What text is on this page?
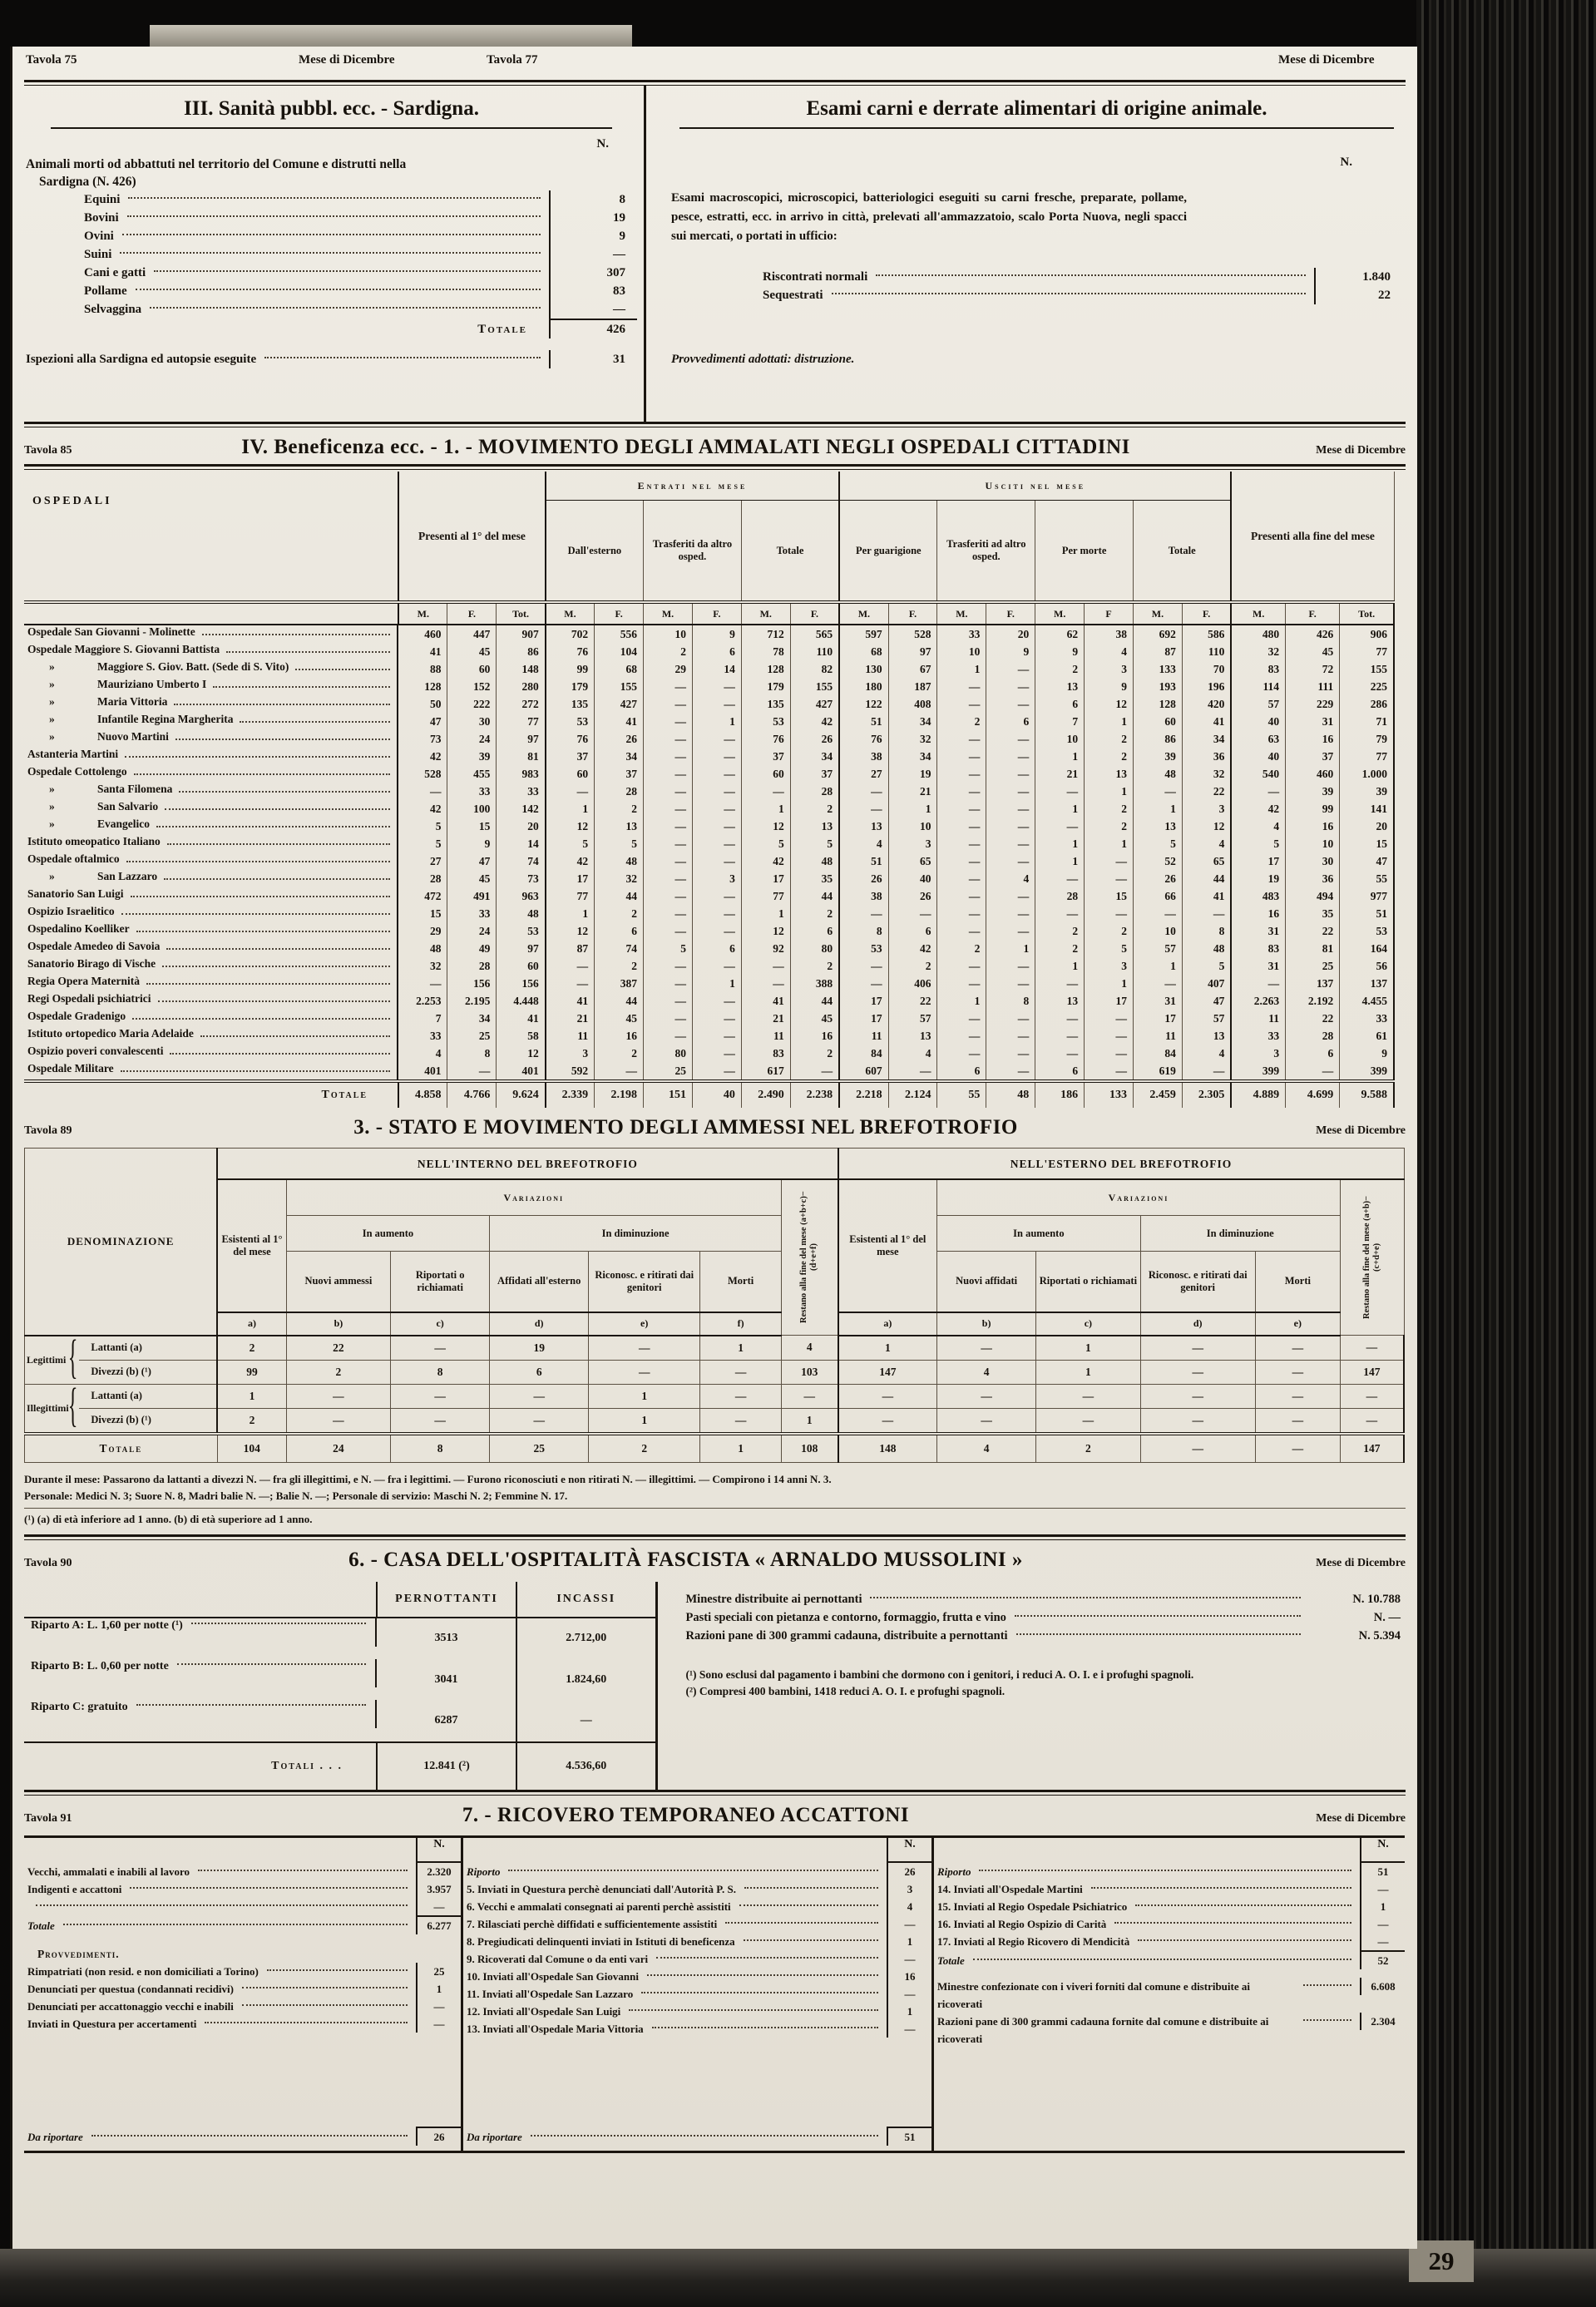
29
Tavola 75	Mese di Dicembre	Tavola 77	Mese di Dicembre
III. Sanità pubbl. ecc. - Sardigna.
N.
Animali morti od abbattuti nel territorio del Comune e distrutti nella
Sardigna (N. 426)
Equini	8
Bovini	19
Ovini	9
Suini	—
Cani e gatti	307
Pollame	83
Selvaggina	—
Totale	426
Ispezioni alla Sardigna ed autopsie eseguite	31
Esami carni e derrate alimentari di origine animale.
N.
Esami macroscopici, microscopici, batteriologici eseguiti su carni fresche, preparate, pollame, pesce, estratti, ecc. in arrivo in città, prelevati all'ammazzatoio, scalo Porta Nuova, negli spacci sui mercati, o portati in ufficio:
Riscontrati normali	1.840
Sequestrati	22
Provvedimenti adottati: distruzione.
Tavola 85	IV. Beneficenza ecc. - 1. - MOVIMENTO DEGLI AMMALATI NEGLI OSPEDALI CITTADINI	Mese di Dicembre
OSPEDALI	Presenti al 1° del mese			Entrati nel mese						Usciti nel mese								Presenti alla fine del mese		
				Dall'esterno		Trasferiti da altro osped.		Totale		Per guarigione		Trasferiti ad altro osped.		Per morte		Totale				
	M.	F.	Tot.	M.	F.	M.	F.	M.	F.	M.	F.	M.	F.	M.	F	M.	F.	M.	F.	Tot.

Ospedale San Giovanni - Molinette	460	447	907	702	556	10	9	712	565	597	528	33	20	62	38	692	586	480	426	906

Ospedale Maggiore S. Giovanni Battista	41	45	86	76	104	2	6	78	110	68	97	10	9	9	4	87	110	32	45	77

»	Maggiore S. Giov. Batt. (Sede di S. Vito)	88	60	148	99	68	29	14	128	82	130	67	1	—	2	3	133	70	83	72	155

»	Mauriziano Umberto I	128	152	280	179	155	—	—	179	155	180	187	—	—	13	9	193	196	114	111	225

»	Maria Vittoria	50	222	272	135	427	—	—	135	427	122	408	—	—	6	12	128	420	57	229	286

»	Infantile Regina Margherita	47	30	77	53	41	—	1	53	42	51	34	2	6	7	1	60	41	40	31	71

»	Nuovo Martini	73	24	97	76	26	—	—	76	26	76	32	—	—	10	2	86	34	63	16	79

Astanteria Martini	42	39	81	37	34	—	—	37	34	38	34	—	—	1	2	39	36	40	37	77

Ospedale Cottolengo	528	455	983	60	37	—	—	60	37	27	19	—	—	21	13	48	32	540	460	1.000

»	Santa Filomena	—	33	33	—	28	—	—	—	28	—	21	—	—	—	1	—	22	—	39	39

»	San Salvario	42	100	142	1	2	—	—	1	2	—	1	—	—	1	2	1	3	42	99	141

»	Evangelico	5	15	20	12	13	—	—	12	13	13	10	—	—	—	2	13	12	4	16	20

Istituto omeopatico Italiano	5	9	14	5	5	—	—	5	5	4	3	—	—	1	1	5	4	5	10	15

Ospedale oftalmico	27	47	74	42	48	—	—	42	48	51	65	—	—	1	—	52	65	17	30	47

»	San Lazzaro	28	45	73	17	32	—	3	17	35	26	40	—	4	—	—	26	44	19	36	55

Sanatorio San Luigi	472	491	963	77	44	—	—	77	44	38	26	—	—	28	15	66	41	483	494	977

Ospizio Israelitico	15	33	48	1	2	—	—	1	2	—	—	—	—	—	—	—	—	16	35	51

Ospedalino Koelliker	29	24	53	12	6	—	—	12	6	8	6	—	—	2	2	10	8	31	22	53

Ospedale Amedeo di Savoia	48	49	97	87	74	5	6	92	80	53	42	2	1	2	5	57	48	83	81	164

Sanatorio Birago di Vische	32	28	60	—	2	—	—	—	2	—	2	—	—	1	3	1	5	31	25	56

Regia Opera Maternità	—	156	156	—	387	—	1	—	388	—	406	—	—	—	1	—	407	—	137	137

Regi Ospedali psichiatrici	2.253	2.195	4.448	41	44	—	—	41	44	17	22	1	8	13	17	31	47	2.263	2.192	4.455

Ospedale Gradenigo	7	34	41	21	45	—	—	21	45	17	57	—	—	—	—	17	57	11	22	33

Istituto ortopedico Maria Adelaide	33	25	58	11	16	—	—	11	16	11	13	—	—	—	—	11	13	33	28	61

Ospizio poveri convalescenti	4	8	12	3	2	80	—	83	2	84	4	—	—	—	—	84	4	3	6	9

Ospedale Militare	401	—	401	592	—	25	—	617	—	607	—	6	—	6	—	619	—	399	—	399
Totale	4.858	4.766	9.624	2.339	2.198	151	40	2.490	2.238	2.218	2.124	55	48	186	133	2.459	2.305	4.889	4.699	9.588
Tavola 89	3. - STATO E MOVIMENTO DEGLI AMMESSI NEL BREFOTROFIO	Mese di Dicembre
DENOMINAZIONE		NELL'INTERNO DEL BREFOTROFIO							NELL'ESTERNO DEL BREFOTROFIO					
		Esistenti al 1° del mese	Variazioni					Restano alla fine del mese (a+b+c)−(d+e+f)	Esistenti al 1° del mese	Variazioni				Restano alla fine del mese (a+b)−(c+d+e)

			In aumento		In diminuzione					In aumento		In diminuzione		
			Nuovi ammessi	Riportati o richiamati	Affidati all'esterno	Riconosc. e ritirati dai genitori	Morti			Nuovi affidati	Riportati o richiamati	Riconosc. e ritirati dai genitori	Morti	
		a)	b)	c)	d)	e)	f)		a)	b)	c)	d)	e)	
Legittimi {	Lattanti (a)	2	22	—	19	—	1	4	1	—	1	—	—	—
	Divezzi (b) (¹)	99	2	8	6	—	—	103	147	4	1	—	—	147
Illegittimi {	Lattanti (a)	1	—	—	—	1	—	—	—	—	—	—	—	—
	Divezzi (b) (¹)	2	—	—	—	1	—	1	—	—	—	—	—	—
Totale		104	24	8	25	2	1	108	148	4	2	—	—	147
Durante il mese: Passarono da lattanti a divezzi N. — fra gli illegittimi, e N. — fra i legittimi. — Furono riconosciuti e non ritirati N. — illegittimi. — Compirono i 14 anni N. 3.
Personale: Medici N. 3; Suore N. 8, Madri balie N. —; Balie N. —; Personale di servizio: Maschi N. 2; Femmine N. 17.
(¹) (a) di età inferiore ad 1 anno. (b) di età superiore ad 1 anno.
Tavola 90	6. - CASA DELL'OSPITALITÀ FASCISTA « ARNALDO MUSSOLINI »	Mese di Dicembre
	PERNOTTANTI	INCASSI

Riparto A: L. 1,60 per notte (¹)
3513	2.712,00

Riparto B: L. 0,60 per notte
3041	1.824,60

Riparto C: gratuito
6287	—
Totali . . .	12.841 (²)	4.536,60
Minestre distribuite ai pernottanti	N. 10.788
Pasti speciali con pietanza e contorno, formaggio, frutta e vino	N. —
Razioni pane di 300 grammi cadauna, distribuite a pernottanti	N. 5.394
(¹) Sono esclusi dal pagamento i bambini che dormono con i genitori, i reduci A. O. I. e i profughi spagnoli.
(²) Compresi 400 bambini, 1418 reduci A. O. I. e profughi spagnoli.
Tavola 91	7. - RICOVERO TEMPORANEO ACCATTONI	Mese di Dicembre
N.
Vecchi, ammalati e inabili al lavoro	2.320
Indigenti e accattoni	3.957
—
Totale	6.277
Provvedimenti.
Rimpatriati (non resid. e non domiciliati a Torino)	25
Denunciati per questua (condannati recidivi)	1
Denunciati per accattonaggio vecchi e inabili	—
Inviati in Questura per accertamenti	—
Da riportare	26
N.
Riporto	26
5. Inviati in Questura perchè denunciati dall'Autorità P. S.	3
6. Vecchi e ammalati consegnati ai parenti perchè assistiti	4
7. Rilasciati perchè diffidati e sufficientemente assistiti	—
8. Pregiudicati delinquenti inviati in Istituti di beneficenza	1
9. Ricoverati dal Comune o da enti vari	—
10. Inviati all'Ospedale San Giovanni	16
11. Inviati all'Ospedale San Lazzaro	—
12. Inviati all'Ospedale San Luigi	1
13. Inviati all'Ospedale Maria Vittoria	—
Da riportare	51
N.
Riporto	51
14. Inviati all'Ospedale Martini	—
15. Inviati al Regio Ospedale Psichiatrico	1
16. Inviati al Regio Ospizio di Carità	—
17. Inviati al Regio Ricovero di Mendicità	—
Totale	52
Minestre confezionate con i viveri forniti dal comune e distribuite ai ricoverati
6.608
Razioni pane di 300 grammi cadauna fornite dal comune e distribuite ai ricoverati
2.304
